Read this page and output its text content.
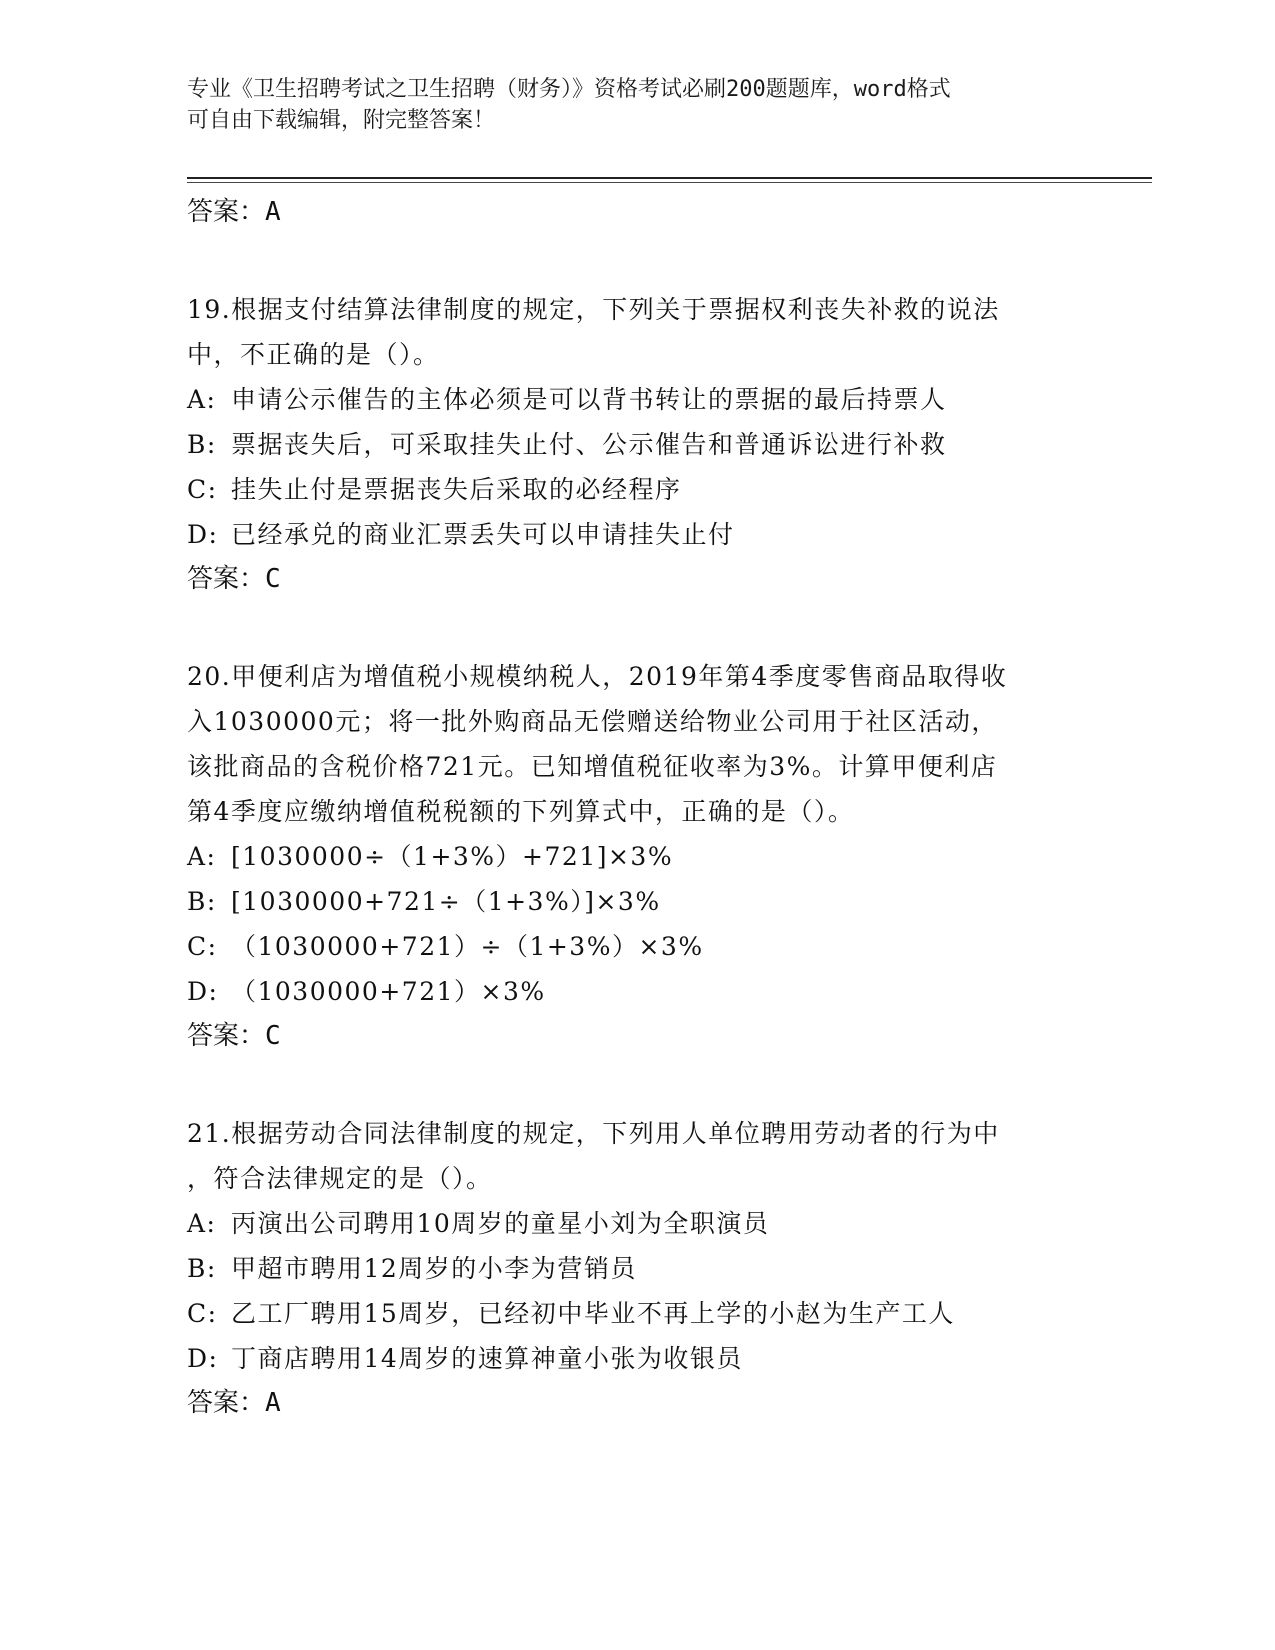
专业《卫生招聘考试之卫生招聘（财务）》资格考试必刷200题题库，word格式
可自由下载编辑，附完整答案！
答案：A
19.根据支付结算法律制度的规定，下列关于票据权利丧失补救的说法
中，不正确的是（）。
A: 申请公示催告的主体必须是可以背书转让的票据的最后持票人
B: 票据丧失后，可采取挂失止付、公示催告和普通诉讼进行补救
C: 挂失止付是票据丧失后采取的必经程序
D: 已经承兑的商业汇票丢失可以申请挂失止付
答案：C
20.甲便利店为增值税小规模纳税人，2019年第4季度零售商品取得收
入1030000元；将一批外购商品无偿赠送给物业公司用于社区活动，
该批商品的含税价格721元。已知增值税征收率为3%。计算甲便利店
第4季度应缴纳增值税税额的下列算式中，正确的是（）。
A: [1030000÷（1+3%）+721]×3%
B: [1030000+721÷（1+3%）]×3%
C: （1030000+721）÷（1+3%）×3%
D: （1030000+721）×3%
答案：C
21.根据劳动合同法律制度的规定，下列用人单位聘用劳动者的行为中
，符合法律规定的是（）。
A: 丙演出公司聘用10周岁的童星小刘为全职演员
B: 甲超市聘用12周岁的小李为营销员
C: 乙工厂聘用15周岁，已经初中毕业不再上学的小赵为生产工人
D: 丁商店聘用14周岁的速算神童小张为收银员
答案：A
